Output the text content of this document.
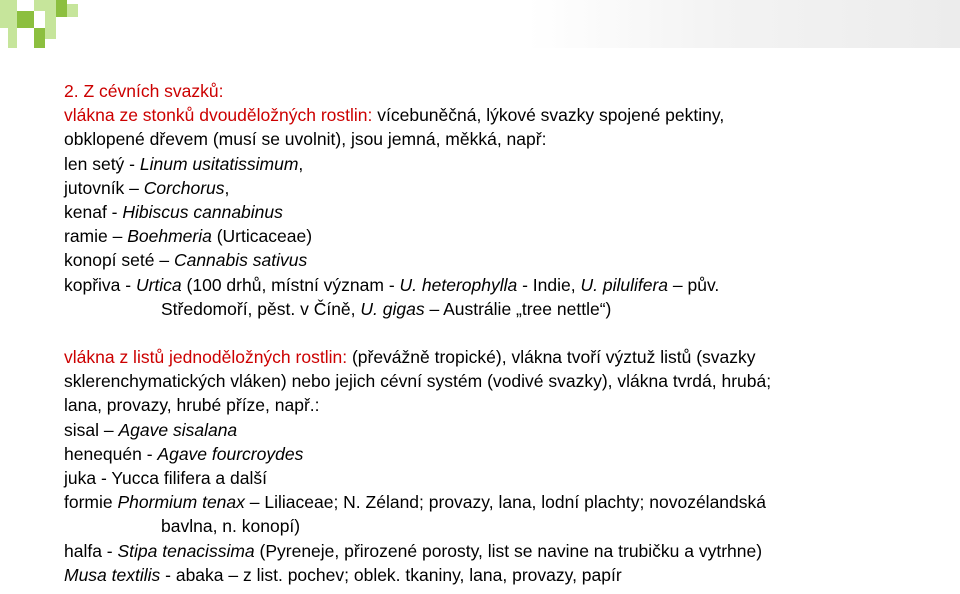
2. Z cévních svazků:
vlákna ze stonků dvouděložných rostlin: vícebuněčná, lýkové svazky spojené pektiny,
obklopené dřevem (musí se uvolnit), jsou jemná, měkká, např:
len setý - Linum usitatissimum,
jutovník – Corchorus,
kenaf - Hibiscus cannabinus
ramie – Boehmeria (Urticaceae)
konopí seté – Cannabis sativus
kopřiva - Urtica (100 drhů, místní význam - U. heterophylla - Indie, U. pilulifera – pův.
Středomoří, pěst. v Číně, U. gigas – Austrálie „tree nettle“)
vlákna z listů jednoděložných rostlin: (převážně tropické), vlákna tvoří výztuž listů (svazky
sklerenchymatických vláken) nebo jejich cévní systém (vodivé svazky), vlákna tvrdá, hrubá;
lana, provazy, hrubé příze, např.:
sisal – Agave sisalana
henequén - Agave fourcroydes
juka - Yucca filifera a další
formie Phormium tenax – Liliaceae; N. Zéland; provazy, lana, lodní plachty; novozélandská
bavlna, n. konopí)
halfa - Stipa tenacissima (Pyreneje, přirozené porosty, list se navine na trubičku a vytrhne)
Musa textilis - abaka – z list. pochev; oblek. tkaniny, lana, provazy, papír
